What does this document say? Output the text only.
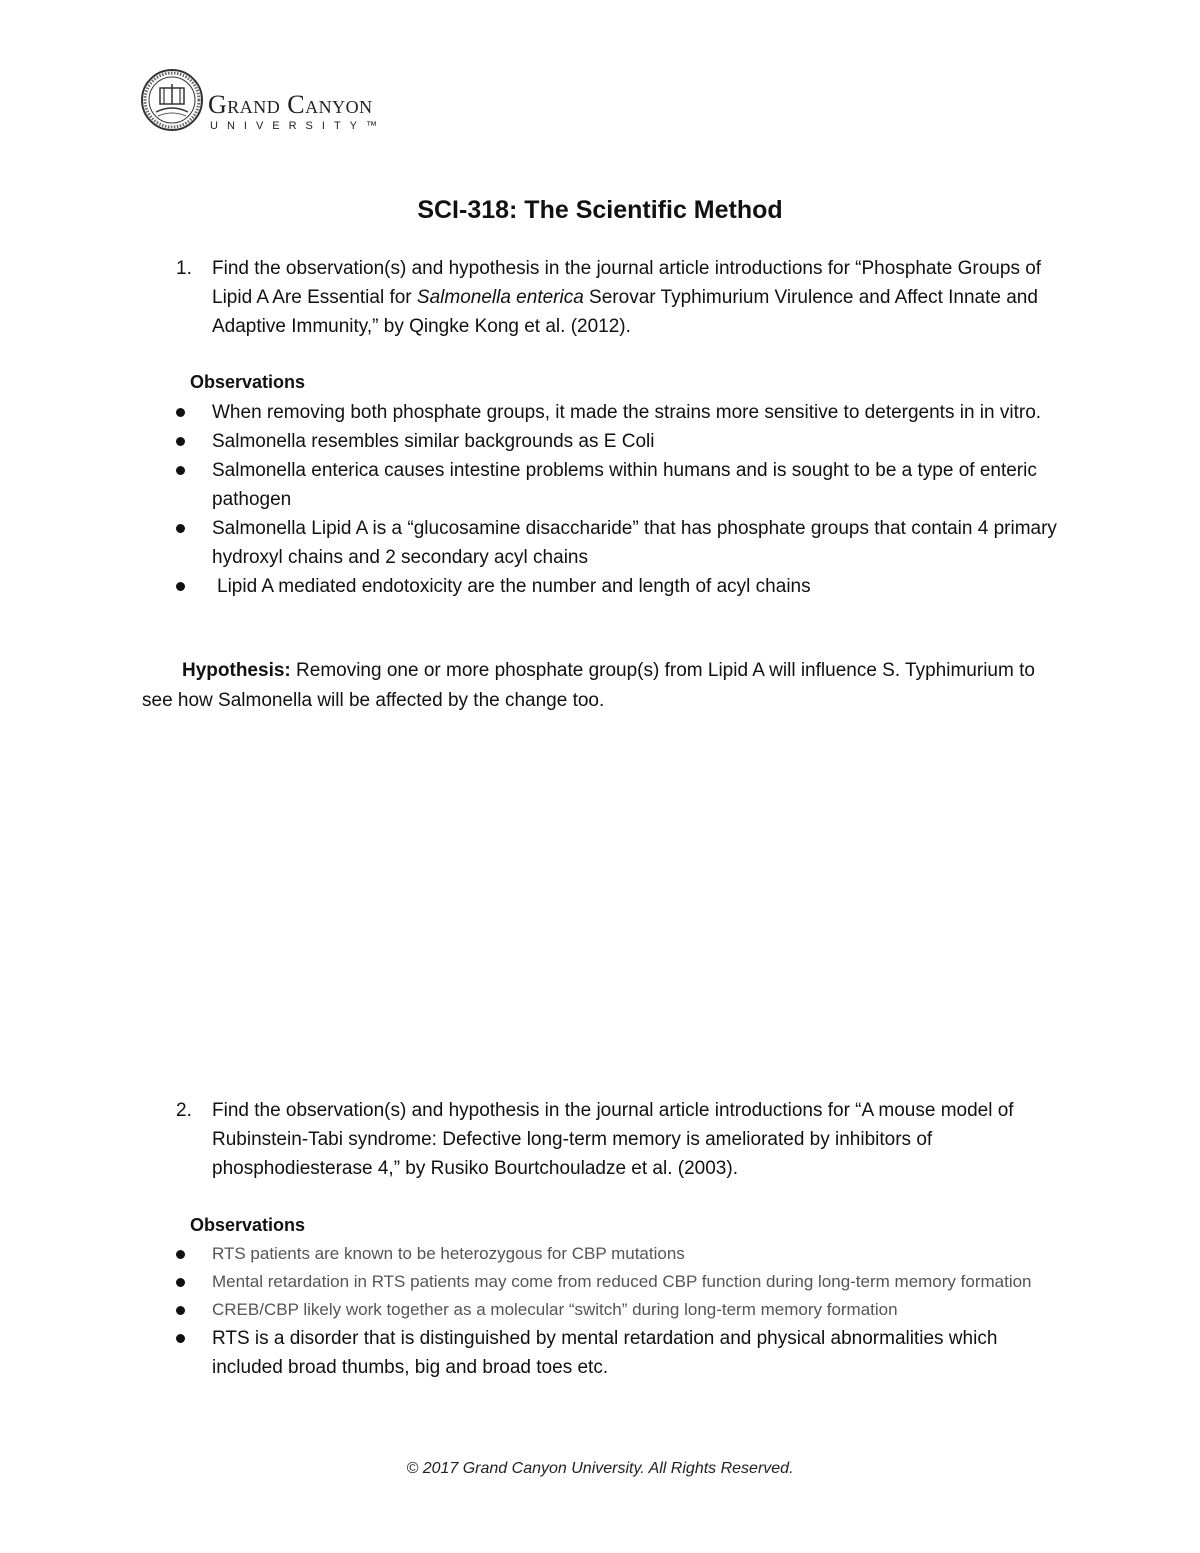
Grand Canyon
UNIVERSITY™
SCI-318: The Scientific Method
1. Find the observation(s) and hypothesis in the journal article introductions for “Phosphate Groups of Lipid A Are Essential for Salmonella enterica Serovar Typhimurium Virulence and Affect Innate and Adaptive Immunity,” by Qingke Kong et al. (2012).
Observations
When removing both phosphate groups, it made the strains more sensitive to detergents in in vitro.
Salmonella resembles similar backgrounds as E Coli
Salmonella enterica causes intestine problems within humans and is sought to be a type of enteric pathogen
Salmonella Lipid A is a “glucosamine disaccharide” that has phosphate groups that contain 4 primary hydroxyl chains and 2 secondary acyl chains
Lipid A mediated endotoxicity are the number and length of acyl chains
Hypothesis: Removing one or more phosphate group(s) from Lipid A will influence S. Typhimurium to see how Salmonella will be affected by the change too.
2. Find the observation(s) and hypothesis in the journal article introductions for “A mouse model of Rubinstein-Tabi syndrome: Defective long-term memory is ameliorated by inhibitors of phosphodiesterase 4,” by Rusiko Bourtchouladze et al. (2003).
Observations
RTS patients are known to be heterozygous for CBP mutations
Mental retardation in RTS patients may come from reduced CBP function during long-term memory formation
CREB/CBP likely work together as a molecular “switch” during long-term memory formation
RTS is a disorder that is distinguished by mental retardation and physical abnormalities which included broad thumbs, big and broad toes etc.
© 2017 Grand Canyon University. All Rights Reserved.
